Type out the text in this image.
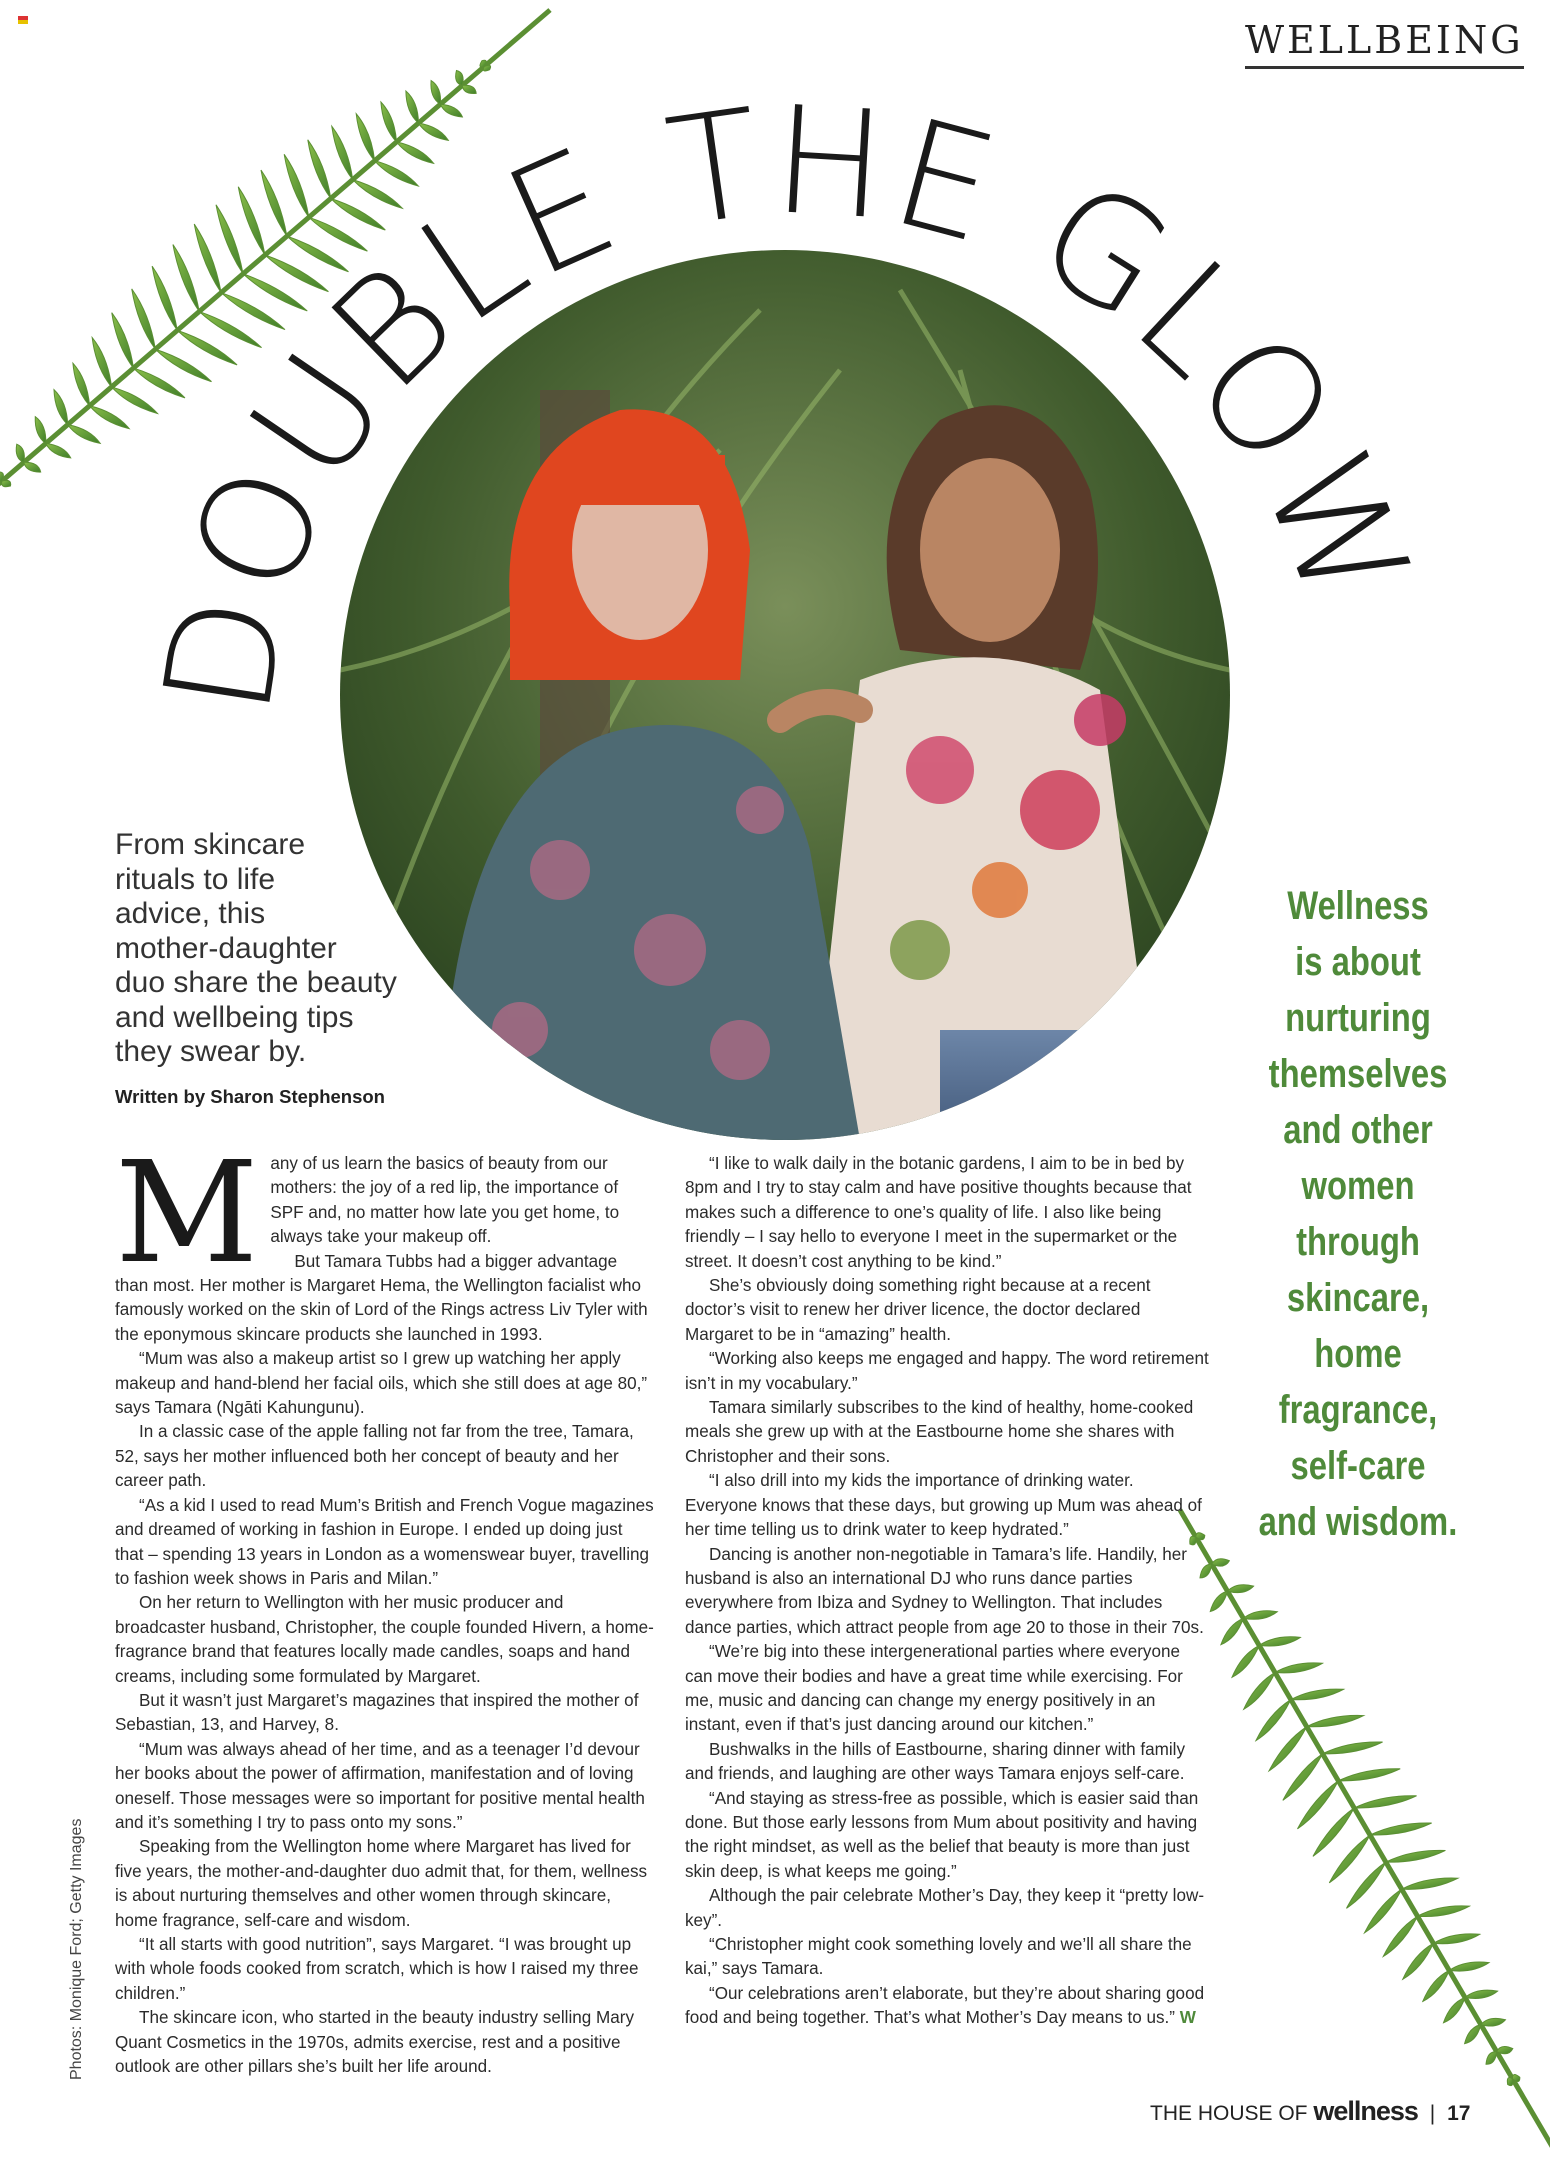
WELLBEING
DOUBLE THE GLOW
From skincare
rituals to life
advice, this
mother-daughter
duo share the beauty
and wellbeing tips
they swear by.
Written by Sharon Stephenson
Wellness
is about
nurturing
themselves
and other
women
through
skincare,
home
fragrance,
self-care
and wisdom.
M any of us learn the basics of beauty from our mothers: the joy of a red lip, the importance of SPF and, no matter how late you get home, to always take your makeup off.

But Tamara Tubbs had a bigger advantage than most. Her mother is Margaret Hema, the Wellington facialist who famously worked on the skin of Lord of the Rings actress Liv Tyler with the eponymous skincare products she launched in 1993.

“Mum was also a makeup artist so I grew up watching her apply makeup and hand-blend her facial oils, which she still does at age 80,” says Tamara (Ngāti Kahungunu).

In a classic case of the apple falling not far from the tree, Tamara, 52, says her mother influenced both her concept of beauty and her career path.

“As a kid I used to read Mum’s British and French Vogue magazines and dreamed of working in fashion in Europe. I ended up doing just that – spending 13 years in London as a womenswear buyer, travelling to fashion week shows in Paris and Milan.”

On her return to Wellington with her music producer and broadcaster husband, Christopher, the couple founded Hivern, a home-fragrance brand that features locally made candles, soaps and hand creams, including some formulated by Margaret.

But it wasn’t just Margaret’s magazines that inspired the mother of Sebastian, 13, and Harvey, 8.

“Mum was always ahead of her time, and as a teenager I’d devour her books about the power of affirmation, manifestation and of loving oneself. Those messages were so important for positive mental health and it’s something I try to pass onto my sons.”

Speaking from the Wellington home where Margaret has lived for five years, the mother-and-daughter duo admit that, for them, wellness is about nurturing themselves and other women through skincare, home fragrance, self-care and wisdom.

“It all starts with good nutrition”, says Margaret. “I was brought up with whole foods cooked from scratch, which is how I raised my three children.”

The skincare icon, who started in the beauty industry selling Mary Quant Cosmetics in the 1970s, admits exercise, rest and a positive outlook are other pillars she’s built her life around.

“I like to walk daily in the botanic gardens, I aim to be in bed by 8pm and I try to stay calm and have positive thoughts because that makes such a difference to one’s quality of life. I also like being friendly – I say hello to everyone I meet in the supermarket or the street. It doesn’t cost anything to be kind.”

She’s obviously doing something right because at a recent doctor’s visit to renew her driver licence, the doctor declared Margaret to be in “amazing” health.

“Working also keeps me engaged and happy. The word retirement isn’t in my vocabulary.”

Tamara similarly subscribes to the kind of healthy, home-cooked meals she grew up with at the Eastbourne home she shares with Christopher and their sons.

“I also drill into my kids the importance of drinking water. Everyone knows that these days, but growing up Mum was ahead of her time telling us to drink water to keep hydrated.”

Dancing is another non-negotiable in Tamara’s life. Handily, her husband is also an international DJ who runs dance parties everywhere from Ibiza and Sydney to Wellington. That includes dance parties, which attract people from age 20 to those in their 70s.

“We’re big into these intergenerational parties where everyone can move their bodies and have a great time while exercising. For me, music and dancing can change my energy positively in an instant, even if that’s just dancing around our kitchen.”

Bushwalks in the hills of Eastbourne, sharing dinner with family and friends, and laughing are other ways Tamara enjoys self-care.

“And staying as stress-free as possible, which is easier said than done. But those early lessons from Mum about positivity and having the right mindset, as well as the belief that beauty is more than just skin deep, is what keeps me going.”

Although the pair celebrate Mother’s Day, they keep it “pretty low-key”.

“Christopher might cook something lovely and we’ll all share the kai,” says Tamara.

“Our celebrations aren’t elaborate, but they’re about sharing good food and being together. That’s what Mother’s Day means to us.” W

Photos: Monique Ford; Getty Images
THE HOUSE OF wellness | 17
